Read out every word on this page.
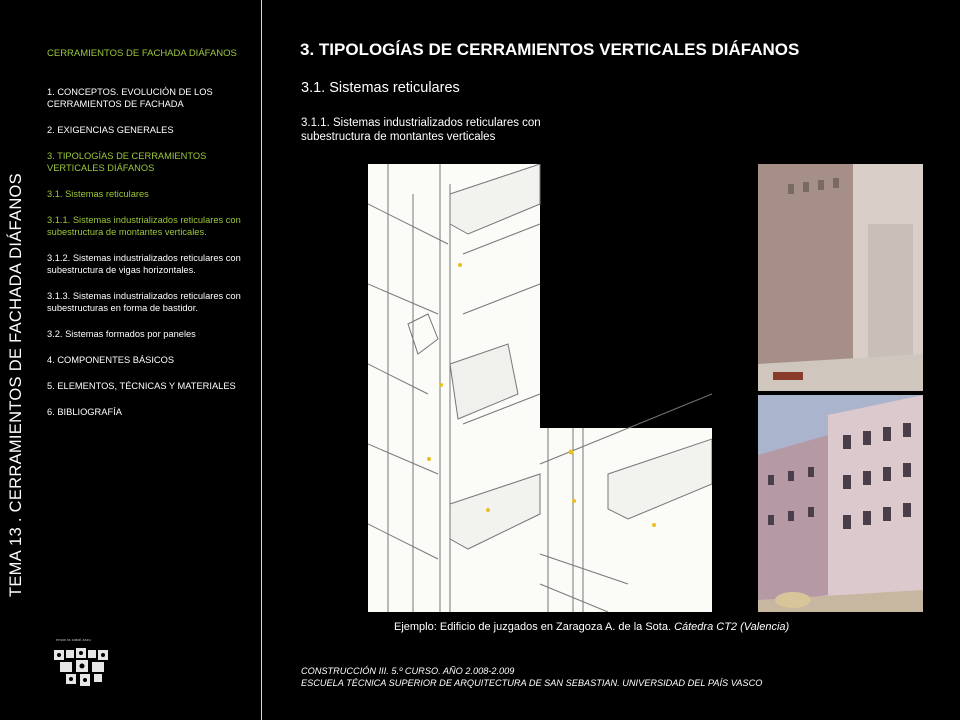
TEMA 13 . CERRAMIENTOS DE FACHADA DIÁFANOS
CERRAMIENTOS DE FACHADA DIÁFANOS
1. CONCEPTOS. EVOLUCIÓN DE LOS CERRAMIENTOS DE FACHADA
2. EXIGENCIAS GENERALES
3. TIPOLOGÍAS DE CERRAMIENTOS VERTICALES DIÁFANOS
3.1. Sistemas reticulares
3.1.1. Sistemas industrializados reticulares con subestructura de montantes verticales.
3.1.2. Sistemas industrializados reticulares con subestructura de vigas horizontales.
3.1.3. Sistemas industrializados reticulares con subestructuras en forma de bastidor.
3.2. Sistemas formados por paneles
4. COMPONENTES BÁSICOS
5. ELEMENTOS, TÉCNICAS Y MATERIALES
6. BIBLIOGRAFÍA
eman ta zabal zazu
3. TIPOLOGÍAS DE CERRAMIENTOS VERTICALES DIÁFANOS
3.1. Sistemas reticulares
3.1.1. Sistemas industrializados reticulares con subestructura de montantes verticales
Ejemplo: Edificio de juzgados en Zaragoza A. de la Sota. Cátedra CT2 (Valencia)
CONSTRUCCIÓN III. 5.º CURSO. AÑO 2.008-2.009
ESCUELA TÉCNICA SUPERIOR DE ARQUITECTURA DE SAN SEBASTIAN. UNIVERSIDAD DEL PAÍS VASCO
